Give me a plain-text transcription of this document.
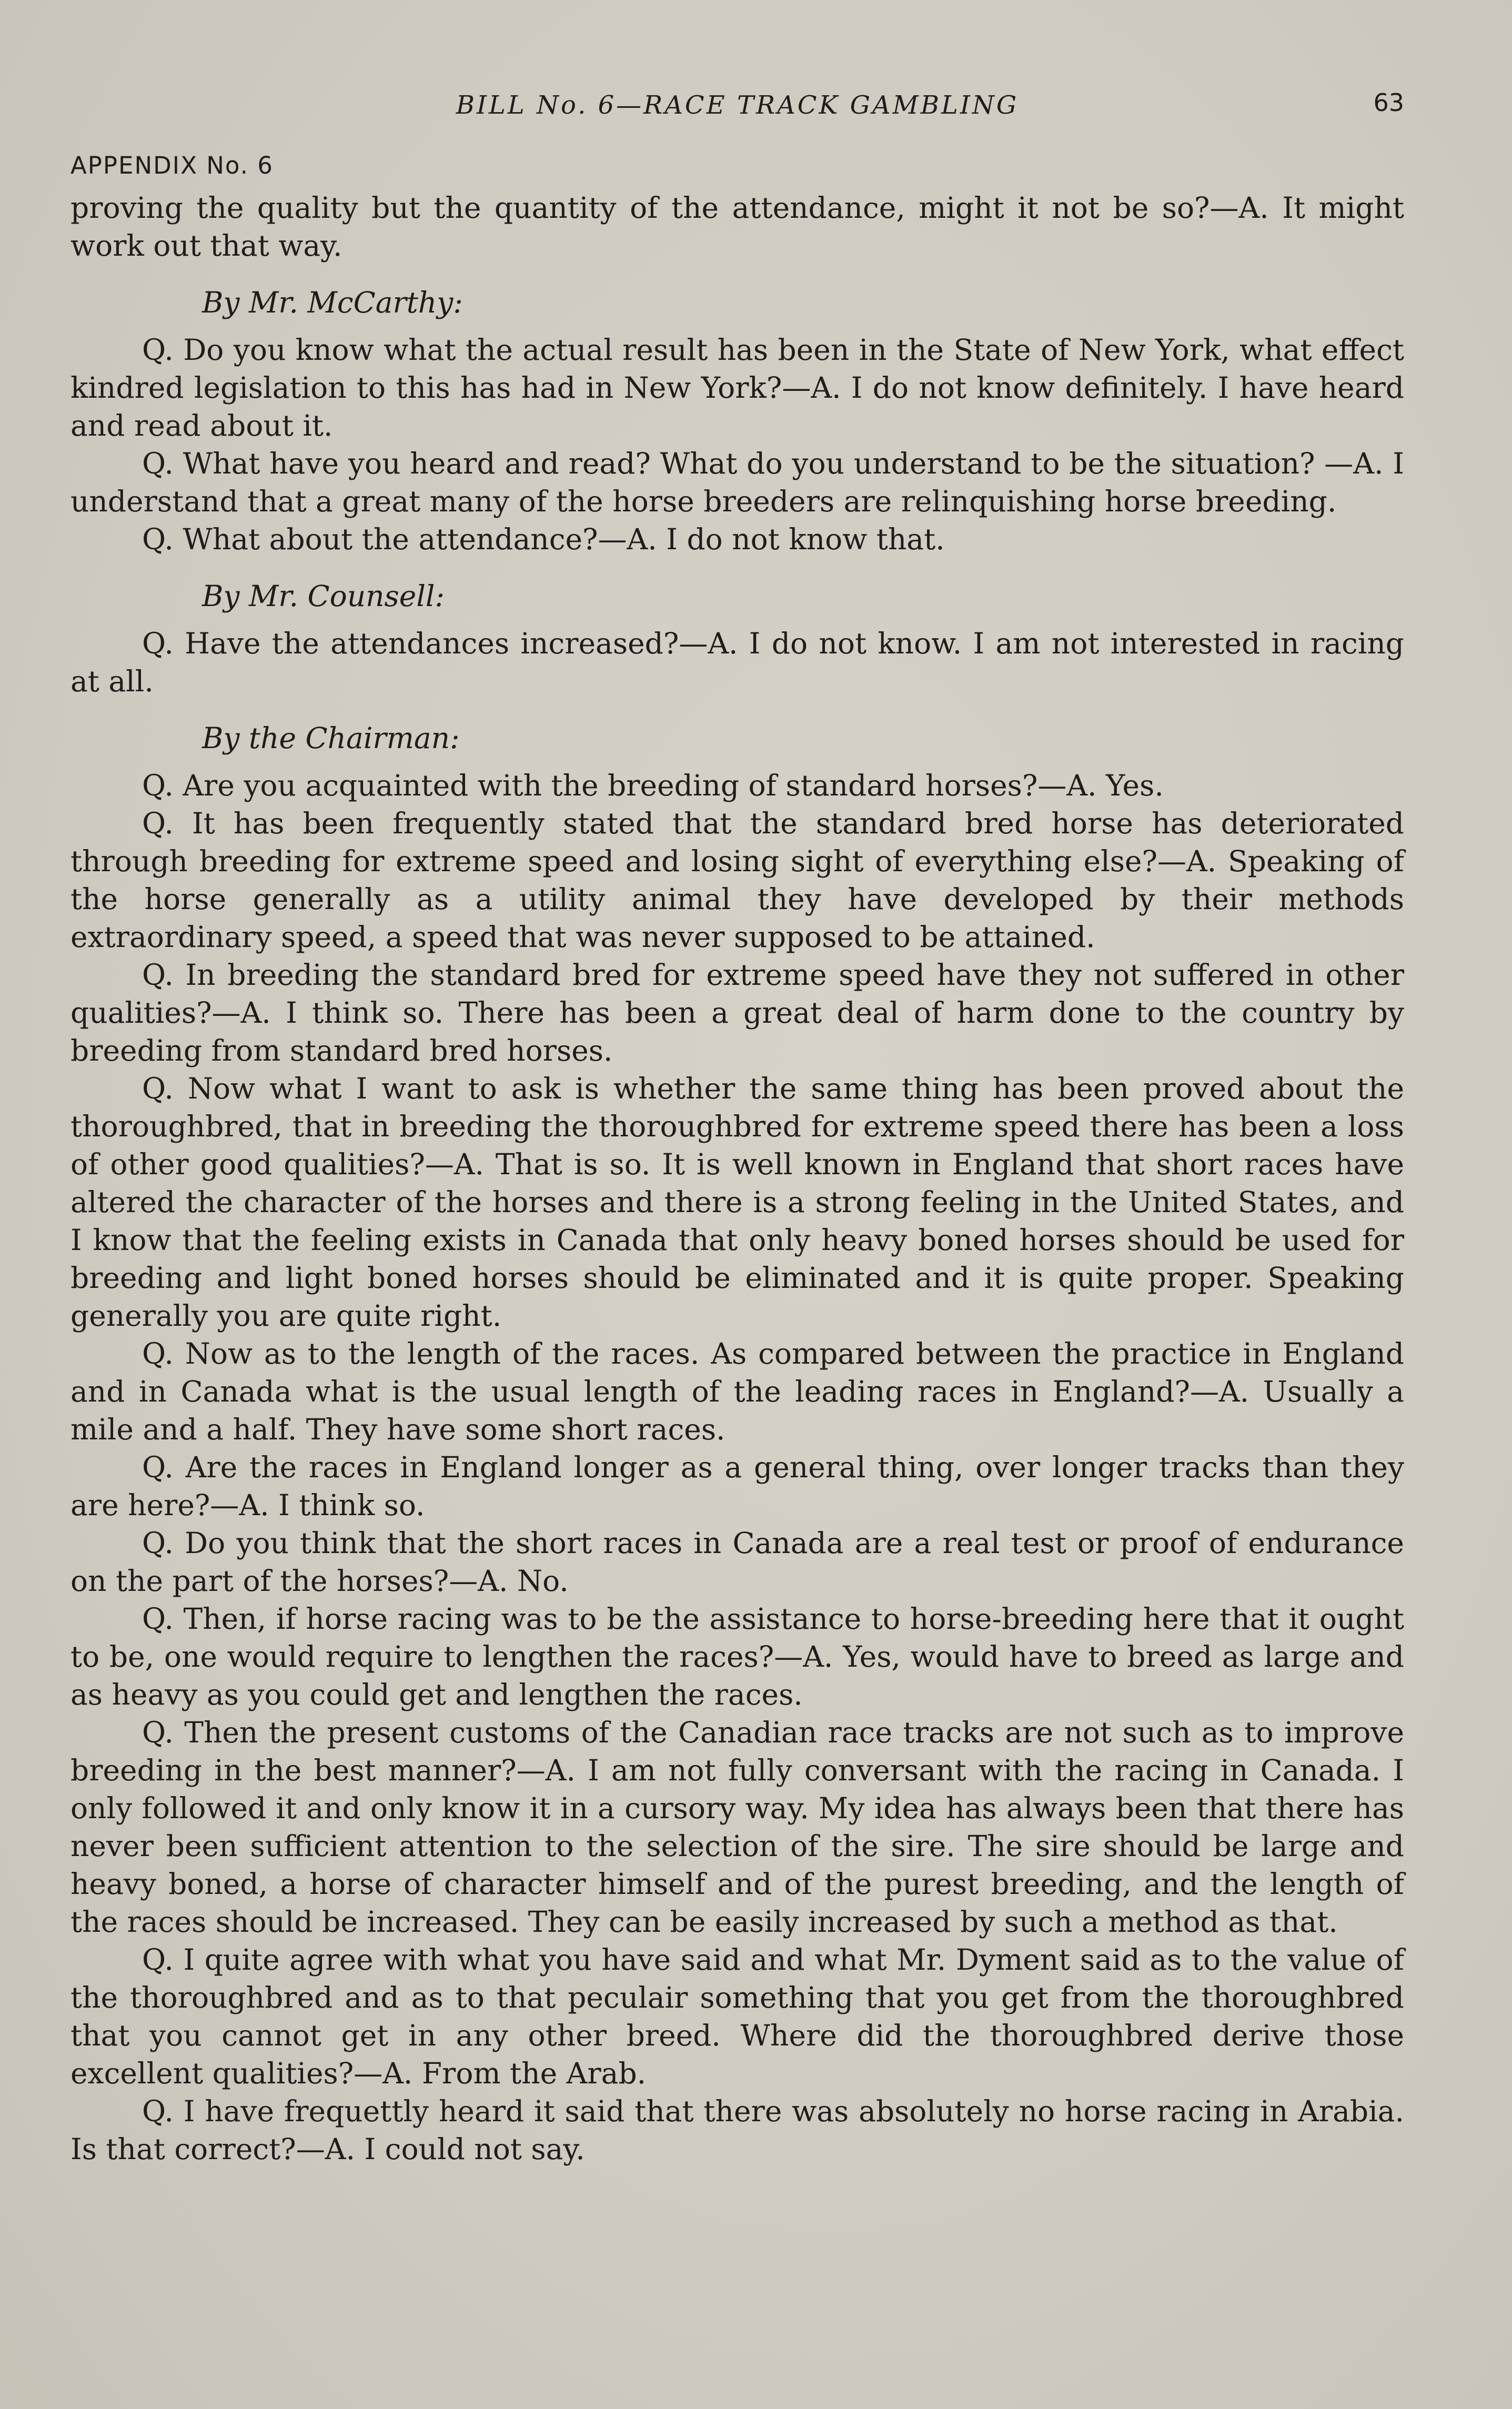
BILL No. 6—RACE TRACK GAMBLING	63
APPENDIX No. 6

proving the quality but the quantity of the attendance, might it not be so?—A. It might work out that way.

By Mr. McCarthy:

Q. Do you know what the actual result has been in the State of New York, what effect kindred legislation to this has had in New York?—A. I do not know definitely. I have heard and read about it.

Q. What have you heard and read? What do you understand to be the situation? —A. I understand that a great many of the horse breeders are relinquishing horse breeding.

Q. What about the attendance?—A. I do not know that.

By Mr. Counsell:

Q. Have the attendances increased?—A. I do not know. I am not interested in racing at all.

By the Chairman:

Q. Are you acquainted with the breeding of standard horses?—A. Yes.

Q. It has been frequently stated that the standard bred horse has deteriorated through breeding for extreme speed and losing sight of everything else?—A. Speaking of the horse generally as a utility animal they have developed by their methods extraordinary speed, a speed that was never supposed to be attained.

Q. In breeding the standard bred for extreme speed have they not suffered in other qualities?—A. I think so. There has been a great deal of harm done to the country by breeding from standard bred horses.

Q. Now what I want to ask is whether the same thing has been proved about the thoroughbred, that in breeding the thoroughbred for extreme speed there has been a loss of other good qualities?—A. That is so. It is well known in England that short races have altered the character of the horses and there is a strong feeling in the United States, and I know that the feeling exists in Canada that only heavy boned horses should be used for breeding and light boned horses should be eliminated and it is quite proper. Speaking generally you are quite right.

Q. Now as to the length of the races. As compared between the practice in England and in Canada what is the usual length of the leading races in England?—A. Usually a mile and a half. They have some short races.

Q. Are the races in England longer as a general thing, over longer tracks than they are here?—A. I think so.

Q. Do you think that the short races in Canada are a real test or proof of endurance on the part of the horses?—A. No.

Q. Then, if horse racing was to be the assistance to horse-breeding here that it ought to be, one would require to lengthen the races?—A. Yes, would have to breed as large and as heavy as you could get and lengthen the races.

Q. Then the present customs of the Canadian race tracks are not such as to improve breeding in the best manner?—A. I am not fully conversant with the racing in Canada. I only followed it and only know it in a cursory way. My idea has always been that there has never been sufficient attention to the selection of the sire. The sire should be large and heavy boned, a horse of character himself and of the purest breeding, and the length of the races should be increased. They can be easily increased by such a method as that.

Q. I quite agree with what you have said and what Mr. Dyment said as to the value of the thoroughbred and as to that peculair something that you get from the thoroughbred that you cannot get in any other breed. Where did the thoroughbred derive those excellent qualities?—A. From the Arab.

Q. I have frequettly heard it said that there was absolutely no horse racing in Arabia. Is that correct?—A. I could not say.
